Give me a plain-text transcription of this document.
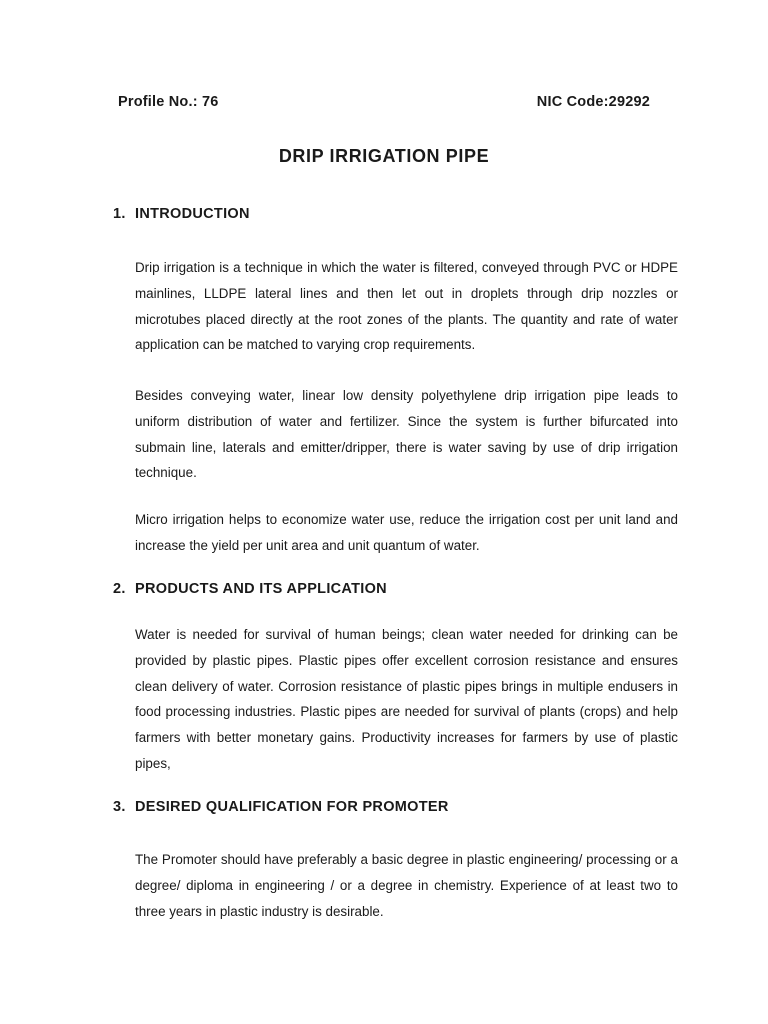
Profile No.: 76	NIC Code:29292
DRIP IRRIGATION PIPE
1. INTRODUCTION

Drip irrigation is a technique in which the water is filtered, conveyed through PVC or HDPE mainlines, LLDPE lateral lines and then let out in droplets through drip nozzles or microtubes placed directly at the root zones of the plants. The quantity and rate of water application can be matched to varying crop requirements.

Besides conveying water, linear low density polyethylene drip irrigation pipe leads to uniform distribution of water and fertilizer. Since the system is further bifurcated into submain line, laterals and emitter/dripper, there is water saving by use of drip irrigation technique.

Micro irrigation helps to economize water use, reduce the irrigation cost per unit land and increase the yield per unit area and unit quantum of water.

2. PRODUCTS AND ITS APPLICATION

Water is needed for survival of human beings; clean water needed for drinking can be provided by plastic pipes. Plastic pipes offer excellent corrosion resistance and ensures clean delivery of water. Corrosion resistance of plastic pipes brings in multiple endusers in food processing industries. Plastic pipes are needed for survival of plants (crops) and help farmers with better monetary gains. Productivity increases for farmers by use of plastic pipes,

3. DESIRED QUALIFICATION FOR PROMOTER

The Promoter should have preferably a basic degree in plastic engineering/ processing or a degree/ diploma in engineering / or a degree in chemistry. Experience of at least two to three years in plastic industry is desirable.
